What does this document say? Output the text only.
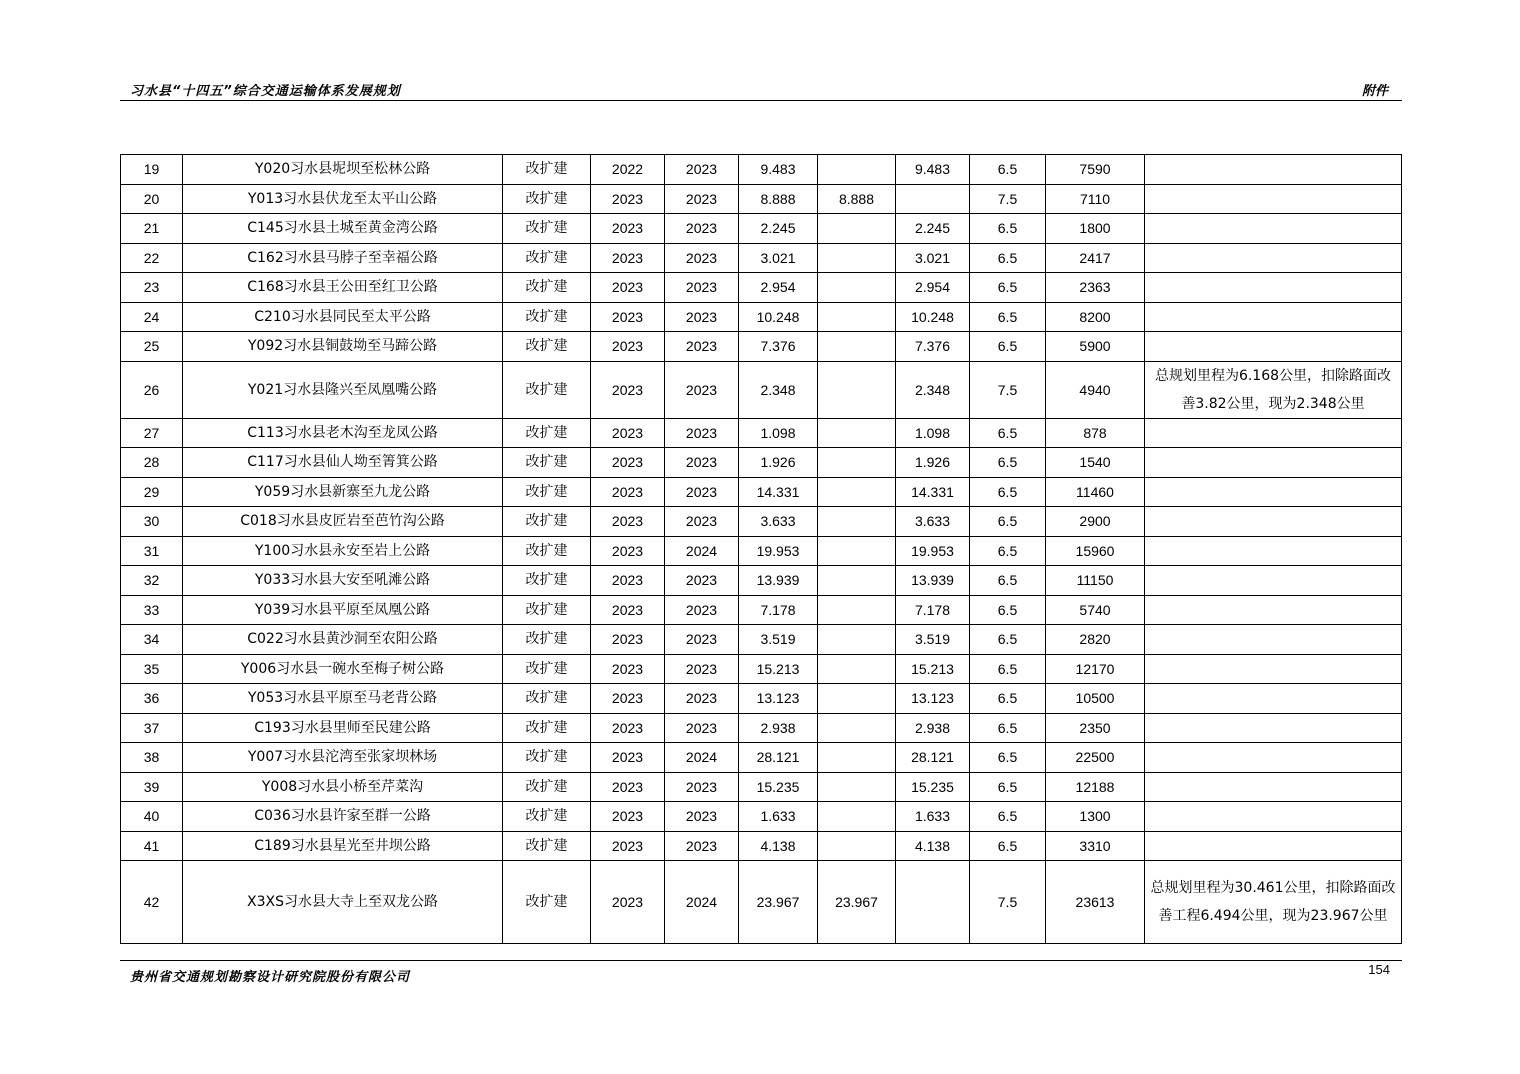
习水县“十四五”综合交通运输体系发展规划	附件
19	Y020习水县坭坝至松林公路	改扩建	2022	2023	9.483		9.483	6.5	7590	
20	Y013习水县伏龙至太平山公路	改扩建	2023	2023	8.888	8.888		7.5	7110	
21	C145习水县土城至黄金湾公路	改扩建	2023	2023	2.245		2.245	6.5	1800	
22	C162习水县马脖子至幸福公路	改扩建	2023	2023	3.021		3.021	6.5	2417	
23	C168习水县王公田至红卫公路	改扩建	2023	2023	2.954		2.954	6.5	2363	
24	C210习水县同民至太平公路	改扩建	2023	2023	10.248		10.248	6.5	8200	
25	Y092习水县铜鼓坳至马蹄公路	改扩建	2023	2023	7.376		7.376	6.5	5900	
26	Y021习水县隆兴至凤凰嘴公路	改扩建	2023	2023	2.348		2.348	7.5	4940	总规划里程为6.168公里，扣除路面改善3.82公里，现为2.348公里
27	C113习水县老木沟至龙凤公路	改扩建	2023	2023	1.098		1.098	6.5	878	
28	C117习水县仙人坳至箐箕公路	改扩建	2023	2023	1.926		1.926	6.5	1540	
29	Y059习水县新寨至九龙公路	改扩建	2023	2023	14.331		14.331	6.5	11460	
30	C018习水县皮匠岩至芭竹沟公路	改扩建	2023	2023	3.633		3.633	6.5	2900	
31	Y100习水县永安至岩上公路	改扩建	2023	2024	19.953		19.953	6.5	15960	
32	Y033习水县大安至吼滩公路	改扩建	2023	2023	13.939		13.939	6.5	11150	
33	Y039习水县平原至凤凰公路	改扩建	2023	2023	7.178		7.178	6.5	5740	
34	C022习水县黄沙洞至农阳公路	改扩建	2023	2023	3.519		3.519	6.5	2820	
35	Y006习水县一碗水至梅子树公路	改扩建	2023	2023	15.213		15.213	6.5	12170	
36	Y053习水县平原至马老背公路	改扩建	2023	2023	13.123		13.123	6.5	10500	
37	C193习水县里师至民建公路	改扩建	2023	2023	2.938		2.938	6.5	2350	
38	Y007习水县沱湾至张家坝林场	改扩建	2023	2024	28.121		28.121	6.5	22500	
39	Y008习水县小桥至芹菜沟	改扩建	2023	2023	15.235		15.235	6.5	12188	
40	C036习水县许家至群一公路	改扩建	2023	2023	1.633		1.633	6.5	1300	
41	C189习水县星光至井坝公路	改扩建	2023	2023	4.138		4.138	6.5	3310	
42	X3XS习水县大寺上至双龙公路	改扩建	2023	2024	23.967	23.967		7.5	23613	总规划里程为30.461公里，扣除路面改善工程6.494公里，现为23.967公里
贵州省交通规划勘察设计研究院股份有限公司
154
